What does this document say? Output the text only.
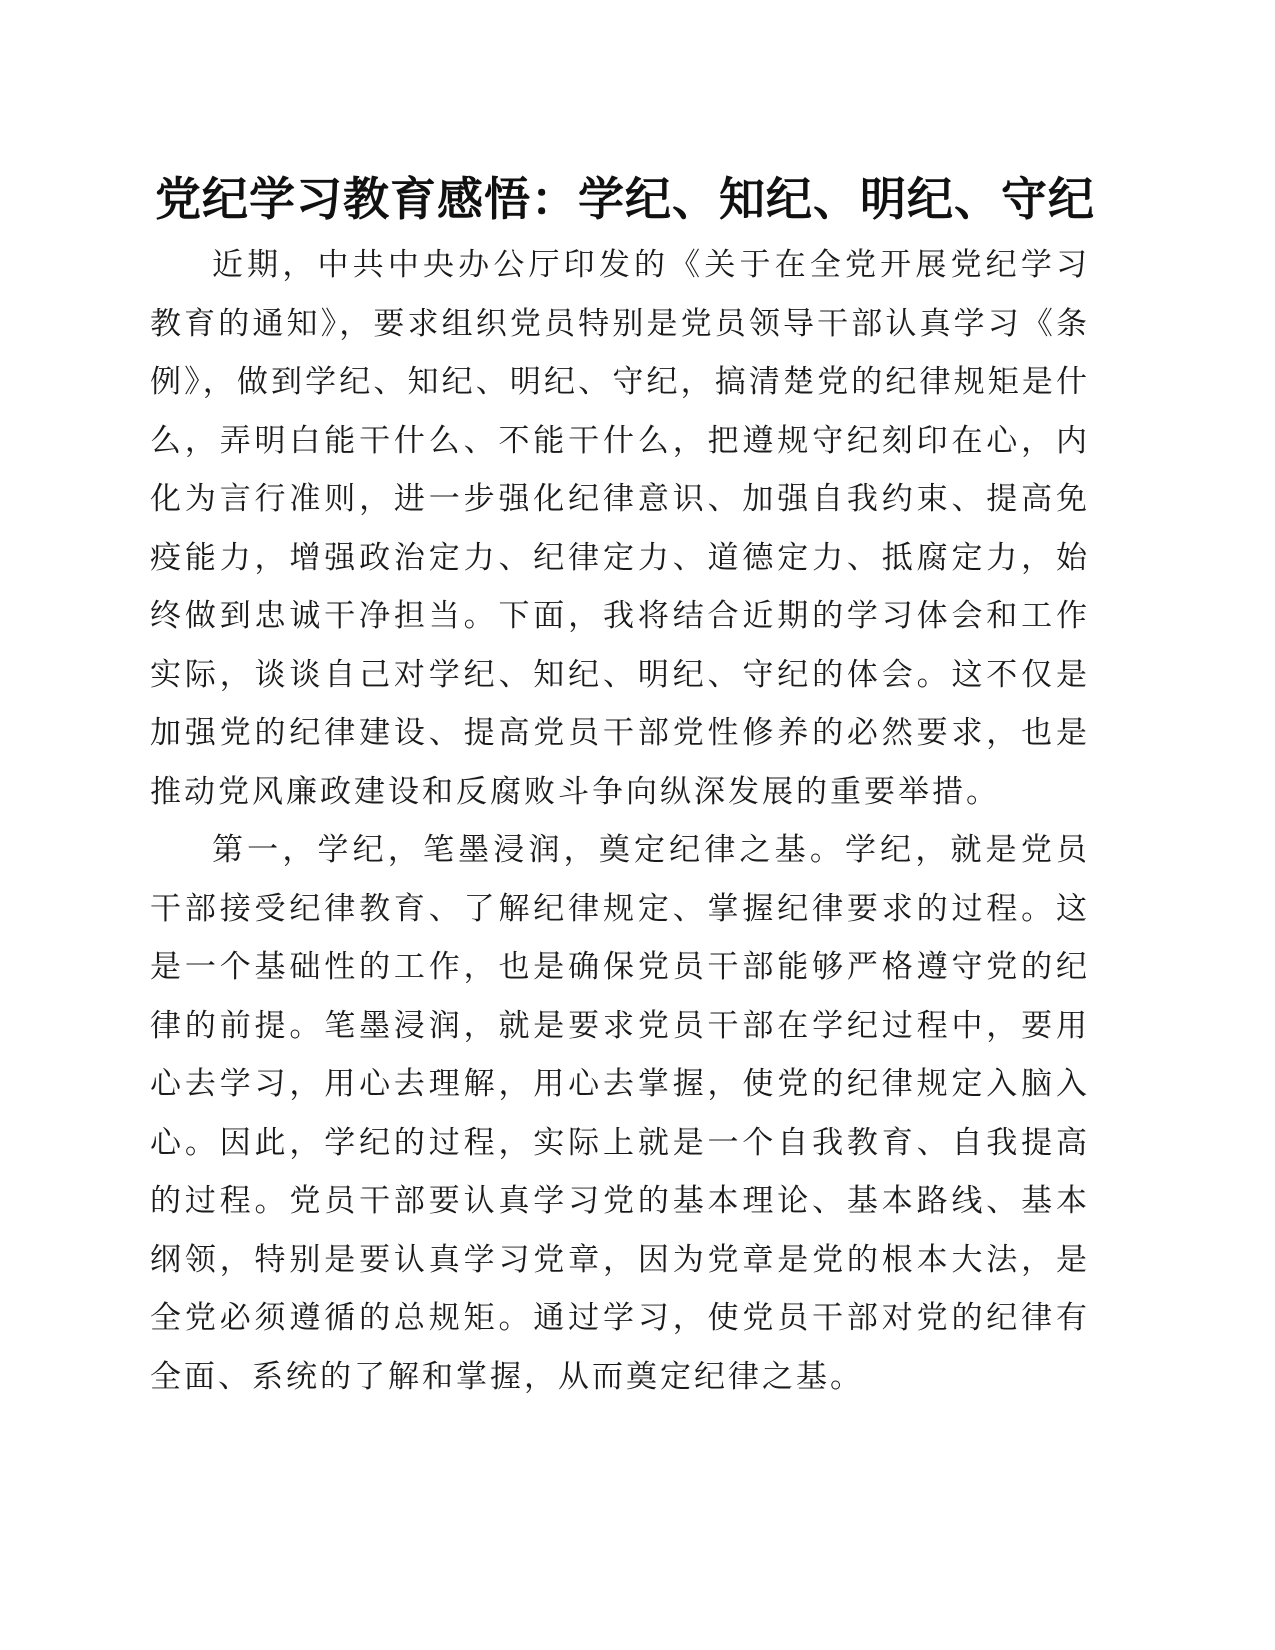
党纪学习教育感悟：学纪、知纪、明纪、守纪

近期，中共中央办公厅印发的《关于在全党开展党纪学习教育的通知》，要求组织党员特别是党员领导干部认真学习《条例》，做到学纪、知纪、明纪、守纪，搞清楚党的纪律规矩是什么，弄明白能干什么、不能干什么，把遵规守纪刻印在心，内化为言行准则，进一步强化纪律意识、加强自我约束、提高免疫能力，增强政治定力、纪律定力、道德定力、抵腐定力，始终做到忠诚干净担当。下面，我将结合近期的学习体会和工作实际，谈谈自己对学纪、知纪、明纪、守纪的体会。这不仅是加强党的纪律建设、提高党员干部党性修养的必然要求，也是推动党风廉政建设和反腐败斗争向纵深发展的重要举措。

第一，学纪，笔墨浸润，奠定纪律之基。学纪，就是党员干部接受纪律教育、了解纪律规定、掌握纪律要求的过程。这是一个基础性的工作，也是确保党员干部能够严格遵守党的纪律的前提。笔墨浸润，就是要求党员干部在学纪过程中，要用心去学习，用心去理解，用心去掌握，使党的纪律规定入脑入心。因此，学纪的过程，实际上就是一个自我教育、自我提高的过程。党员干部要认真学习党的基本理论、基本路线、基本纲领，特别是要认真学习党章，因为党章是党的根本大法，是全党必须遵循的总规矩。通过学习，使党员干部对党的纪律有全面、系统的了解和掌握，从而奠定纪律之基。
